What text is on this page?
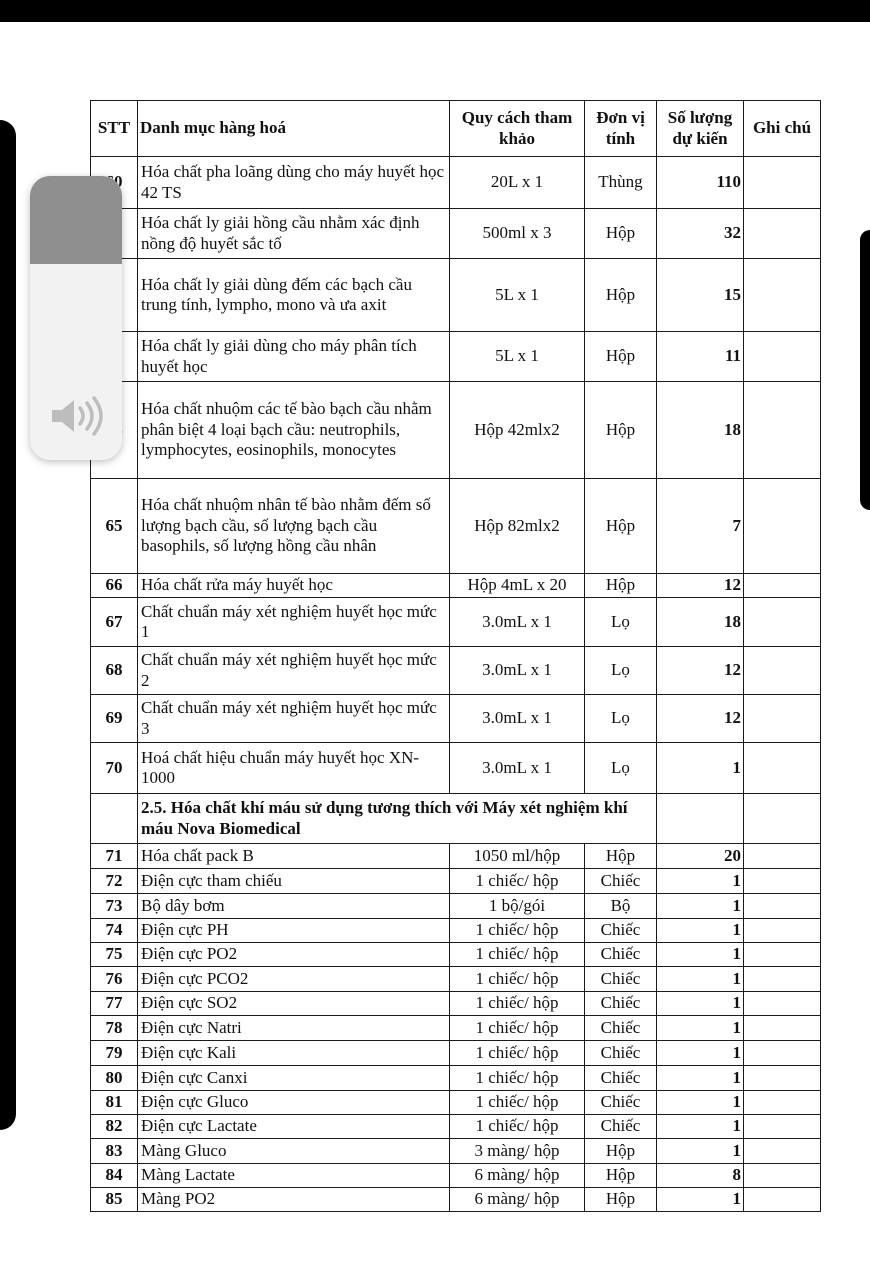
STT	Danh mục hàng hoá	Quy cách tham khảo	Đơn vị tính	Số lượng dự kiến	Ghi chú
	Hóa chất pha loãng dùng cho máy huyết học 42 TS	20L x 1	Thùng	110	
	Hóa chất ly giải hồng cầu nhằm xác định nồng độ huyết sắc tố	500ml x 3	Hộp	32	
	Hóa chất ly giải dùng đếm các bạch cầu trung tính, lympho, mono và ưa axit	5L x 1	Hộp	15	
	Hóa chất ly giải dùng cho máy phân tích huyết học	5L x 1	Hộp	11	
	Hóa chất nhuộm các tế bào bạch cầu nhằm phân biệt 4 loại bạch cầu: neutrophils, lymphocytes, eosinophils, monocytes	Hộp 42mlx2	Hộp	18	
65	Hóa chất nhuộm nhân tế bào nhằm đếm số lượng bạch cầu, số lượng bạch cầu basophils, số lượng hồng cầu nhân	Hộp 82mlx2	Hộp	7	
66	Hóa chất rửa máy huyết học	Hộp 4mL x 20	Hộp	12	
67	Chất chuẩn máy xét nghiệm huyết học mức 1	3.0mL x 1	Lọ	18	
68	Chất chuẩn máy xét nghiệm huyết học mức 2	3.0mL x 1	Lọ	12	
69	Chất chuẩn máy xét nghiệm huyết học mức 3	3.0mL x 1	Lọ	12	
70	Hoá chất hiệu chuẩn máy huyết học XN-1000	3.0mL x 1	Lọ	1	
	2.5. Hóa chất khí máu sử dụng tương thích với Máy xét nghiệm khí máu Nova Biomedical				
71	Hóa chất pack B	1050 ml/hộp	Hộp	20	
72	Điện cực tham chiếu	1 chiếc/ hộp	Chiếc	1	
73	Bộ dây bơm	1 bộ/gói	Bộ	1	
74	Điện cực PH	1 chiếc/ hộp	Chiếc	1	
75	Điện cực PO2	1 chiếc/ hộp	Chiếc	1	
76	Điện cực PCO2	1 chiếc/ hộp	Chiếc	1	
77	Điện cực SO2	1 chiếc/ hộp	Chiếc	1	
78	Điện cực Natri	1 chiếc/ hộp	Chiếc	1	
79	Điện cực Kali	1 chiếc/ hộp	Chiếc	1	
80	Điện cực Canxi	1 chiếc/ hộp	Chiếc	1	
81	Điện cực Gluco	1 chiếc/ hộp	Chiếc	1	
82	Điện cực Lactate	1 chiếc/ hộp	Chiếc	1	
83	Màng Gluco	3 màng/ hộp	Hộp	1	
84	Màng Lactate	6 màng/ hộp	Hộp	8	
85	Màng PO2	6 màng/ hộp	Hộp	1	
